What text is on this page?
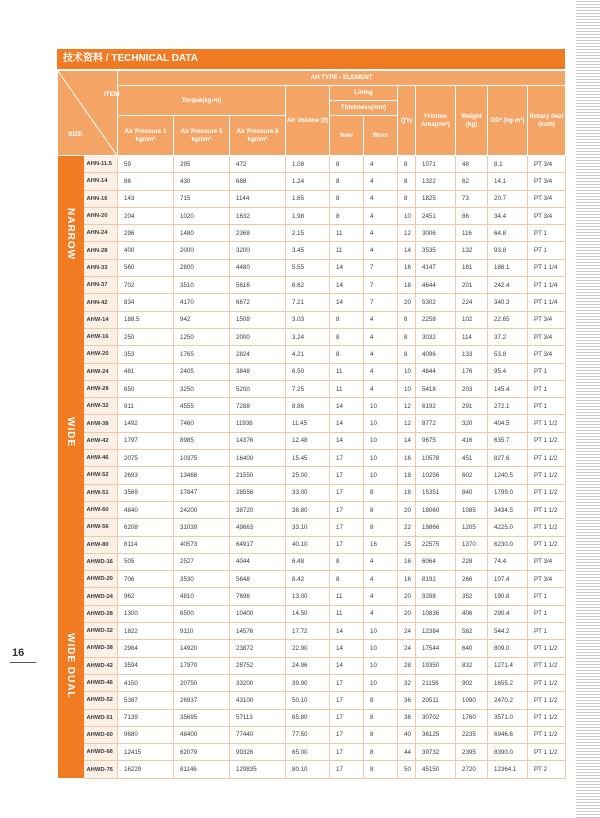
技术资料 / TECHNICAL DATA
ITEM
SIZE		AH TYPE - ELEMENT										
		Torque(kg-m)			Air Volume (ℓ)	Lining		Q'ty	Friction Area(cm²)	Weight (kg)	GD² (kg-m²)	Rotary Seal (inch)
						Thickness(mm)						
		Air Pressure 1 kg/cm²	Air Pressure 5 kg/cm²	Air Pressure 8 kg/cm²		New	Worn					

NARROW	AHN-11.5	59	295	472	1.08	8	4	8	1071	48	8.1	PT 3/4
	AHN-14	86	430	688	1.24	8	4	8	1322	62	14.1	PT 3/4
	AHN-16	143	715	1144	1.65	8	4	8	1825	73	20.7	PT 3/4
	AHN-20	204	1020	1632	1.98	8	4	10	2451	86	34.4	PT 3/4
	AHN-24	296	1480	2368	2.15	11	4	12	3006	116	64.8	PT 1
	AHN-28	400	2000	3200	3.45	11	4	14	3535	132	93.8	PT 1
	AHN-33	560	2800	4480	5.55	14	7	16	4147	181	186.1	PT 1 1/4
	AHN-37	702	3510	5616	6.62	14	7	18	4644	201	242.4	PT 1 1/4
	AHN-42	834	4170	6672	7.21	14	7	20	5302	224	340.3	PT 1 1/4

WIDE	AHW-14	188.5	942	1508	3.03	8	4	8	2258	102	22.65	PT 3/4
	AHW-16	250	1250	2000	3.24	8	4	8	3032	114	37.2	PT 3/4
	AHW-20	353	1765	2824	4.21	8	4	8	4096	133	53.8	PT 3/4
	AHW-24	481	2405	3848	6.50	11	4	10	4644	176	95.4	PT 1
	AHW-28	650	3250	5200	7.25	11	4	10	5418	203	145.4	PT 1
	AHW-32	911	4555	7288	8.86	14	10	12	6192	291	272.1	PT 1
	AHW-38	1492	7460	11936	11.45	14	10	12	8772	320	404.5	PT 1 1/2
	AHW-42	1797	8985	14376	12.48	14	10	14	9675	416	635.7	PT 1 1/2
	AHW-46	2075	10375	16400	15.45	17	10	16	10578	451	827.6	PT 1 1/2
	AHW-52	2693	13468	21550	25.00	17	10	18	10256	602	1240.5	PT 1 1/2
	AHW-51	3569	17847	28556	33.00	17	8	18	15351	840	1799.0	PT 1 1/2
	AHW-60	4840	24200	38720	38.80	17	8	20	18060	1085	3434.5	PT 1 1/2
	AHW-56	6208	31039	49663	33.10	17	8	22	19866	1205	4225.0	PT 1 1/2
	AHW-80	8114	40573	64917	40.10	17	16	25	22575	1370	6230.0	PT 1 1/2

WIDE DUAL	AHWD-16	505	2527	4044	6.48	8	4	16	6064	228	74.4	PT 3/4
	AHWD-20	706	3530	5648	8.42	8	4	16	8192	266	107.4	PT 3/4
	AHWD-24	962	4810	7696	13.00	11	4	20	9288	352	190.8	PT 1
	AHWD-28	1300	6500	10400	14.50	11	4	20	10836	406	290.4	PT 1
	AHWD-32	1822	9110	14576	17.72	14	10	24	12384	582	544.2	PT 1
	AHWD-38	2984	14920	23872	22.90	14	10	24	17544	640	809.0	PT 1 1/2
	AHWD-42	3594	17970	28752	24.96	14	10	28	19350	832	1271.4	PT 1 1/2
	AHWD-46	4150	20750	33200	39.90	17	10	32	21156	902	1655.2	PT 1 1/2
	AHWD-52	5387	26937	43100	50.10	17	8	36	20511	1090	2470.2	PT 1 1/2
	AHWD-51	7139	35695	57113	65.80	17	8	36	30702	1760	3571.0	PT 1 1/2
	AHWD-60	9680	48400	77440	77.50	17	8	40	36125	2235	6946.6	PT 1 1/2
	AHWD-66	12415	62079	99326	65.00	17	8	44	39732	2395	8390.0	PT 1 1/2
	AHWD-76	16229	81146	129835	80.10	17	8	50	45150	2720	12364.1	PT 2
16
